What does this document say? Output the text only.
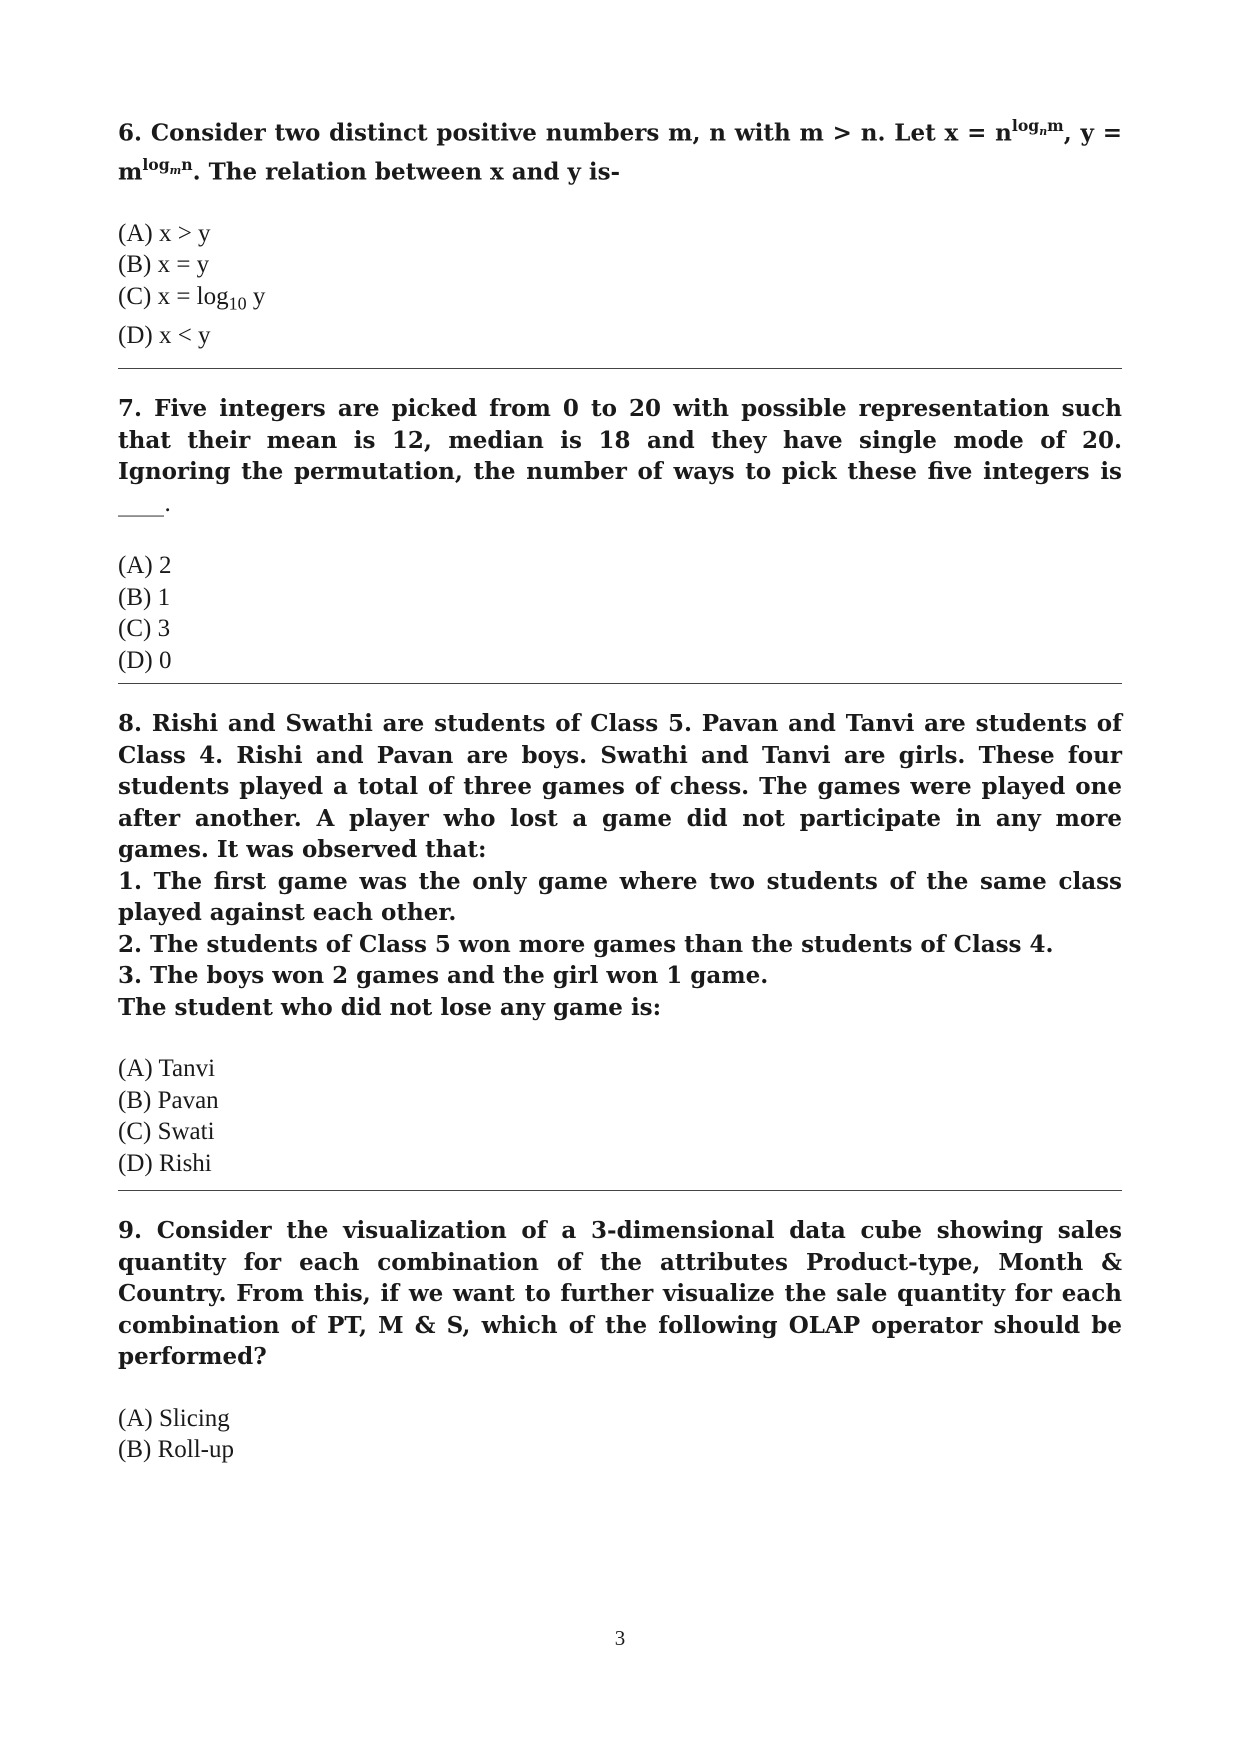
6. Consider two distinct positive numbers m, n with m > n. Let $x = n^{log_nm}$, $y = m^{log_mn}$. The relation between x and y is-

(A) x > y
(B) x = y
(C) $x = \log_{10} y$
(D) x < y

7. Five integers are picked from 0 to 20 with possible representation such that their mean is 12, median is 18 and they have single mode of 20. Ignoring the permutation, the number of ways to pick these five integers is ____.

(A) 2
(B) 1
(C) 3
(D) 0

8. Rishi and Swathi are students of Class 5. Pavan and Tanvi are students of Class 4. Rishi and Pavan are boys. Swathi and Tanvi are girls. These four students played a total of three games of chess. The games were played one after another. A player who lost a game did not participate in any more games. It was observed that:

1. The first game was the only game where two students of the same class played against each other.

2. The students of Class 5 won more games than the students of Class 4.

3. The boys won 2 games and the girl won 1 game.

The student who did not lose any game is:

(A) Tanvi
(B) Pavan
(C) Swati
(D) Rishi

9. Consider the visualization of a 3-dimensional data cube showing sales quantity for each combination of the attributes Product-type, Month & Country. From this, if we want to further visualize the sale quantity for each combination of PT, M & S, which of the following OLAP operator should be performed?

(A) Slicing
(B) Roll-up
3
